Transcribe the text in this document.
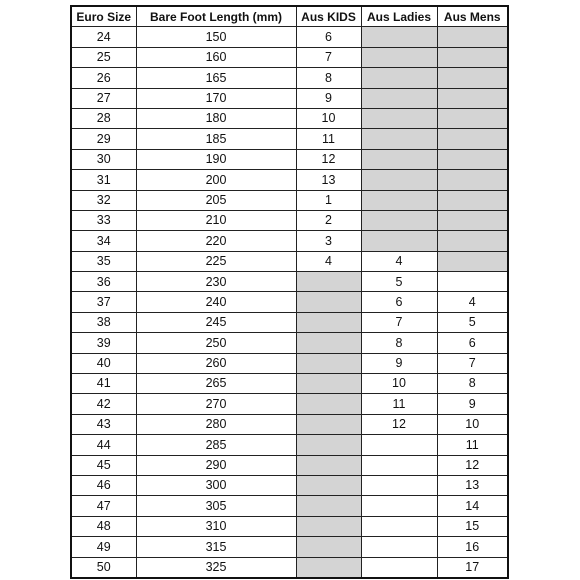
Euro Size	Bare Foot Length (mm)	Aus KIDS	Aus Ladies	Aus Mens
24	150	6		
25	160	7		
26	165	8		
27	170	9		
28	180	10		
29	185	11		
30	190	12		
31	200	13		
32	205	1		
33	210	2		
34	220	3		
35	225	4	4	
36	230		5	
37	240		6	4
38	245		7	5
39	250		8	6
40	260		9	7
41	265		10	8
42	270		11	9
43	280		12	10
44	285			11
45	290			12
46	300			13
47	305			14
48	310			15
49	315			16
50	325			17
